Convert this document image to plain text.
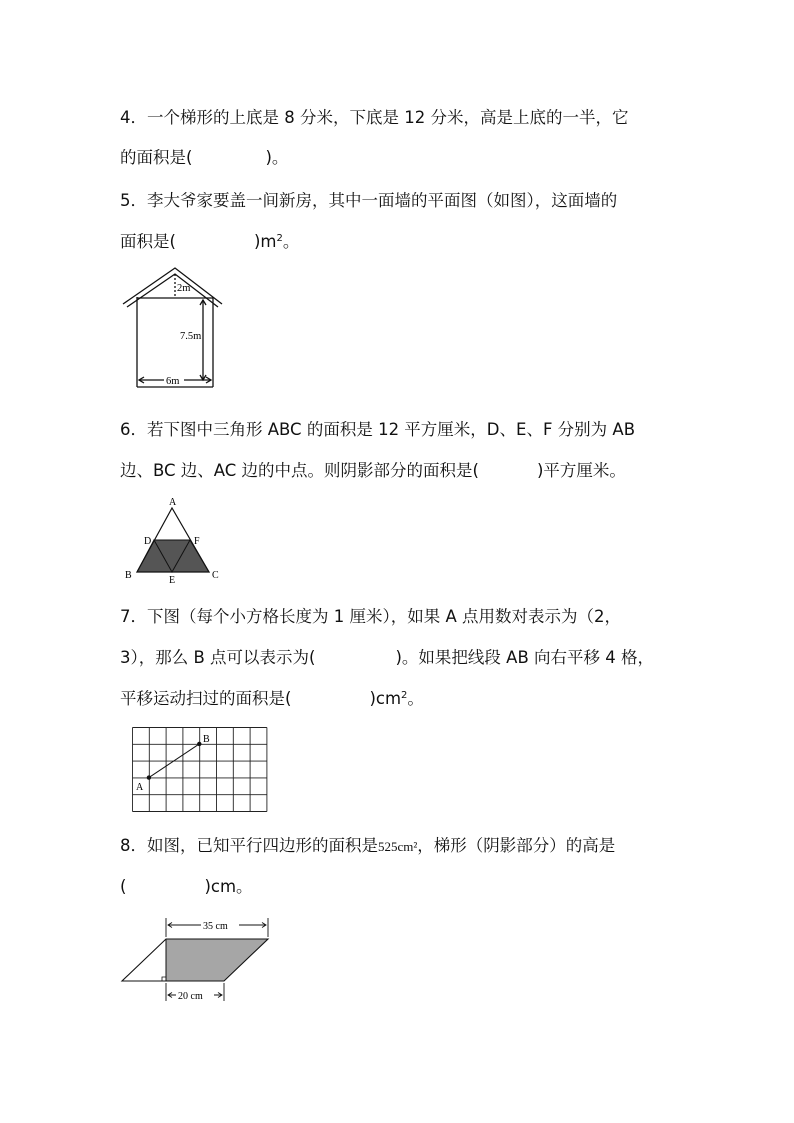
4．一个梯形的上底是 8 分米，下底是 12 分米，高是上底的一半，它
的面积是(	)。
5．李大爷家要盖一间新房，其中一面墙的平面图（如图），这面墙的
面积是(	)$m^2$。
2m
7.5m
6m
6．若下图中三角形 ABC 的面积是 12 平方厘米，D、E、F 分别为 AB
边、BC 边、AC 边的中点。则阴影部分的面积是(	)平方厘米。
A
D	F
B	E	C
7．下图（每个小方格长度为 1 厘米），如果 A 点用数对表示为（2，
3），那么 B 点可以表示为(	)。如果把线段 AB 向右平移 4 格，
平移运动扫过的面积是(	)$cm^2$。
A
B
8．如图，已知平行四边形的面积是525cm²，梯形（阴影部分）的高是
(	)cm。
35 cm
20 cm
